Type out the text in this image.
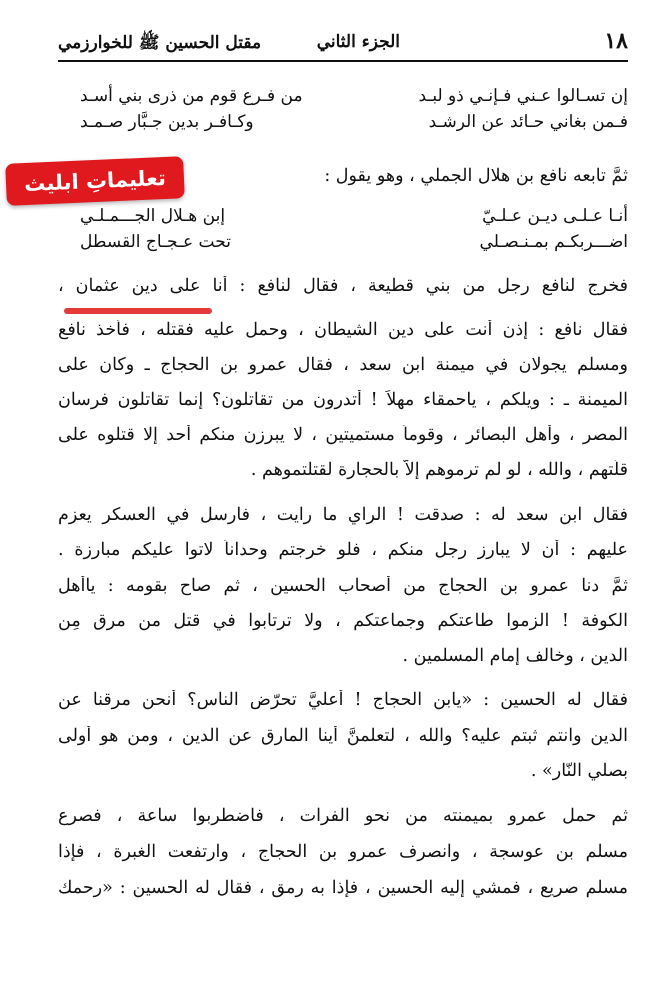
١٨
الجزء الثاني
مقتل الحسين ﷺ للخوارزمي
إن تسـالوا عـني فـإنـي ذو لبـد
من فـرع قوم من ذرى بني أسـد
فـمن بغاني حـائد عن الرشـد
وكـافـر بدين جـبَّار صـمـد
ثمَّ تابعه نافع بن هلال الجملي ، وهو يقول :
تعليماتِ ابليث
أنـا عـلـى ديـن عـلـيّ
إبن هـلال الجـــمـلـي
اضـــربكـم بمـنـصـلي
تحت عـجـاج القسطل
فخرج لنافع رجل من بني قطيعة ، فقال لنافع : أنا على دين عثمان ،
فقال نافع : إذن أنت على دين الشيطان ، وحمل عليه فقتله ، فأخذ نافع
ومسلم يجولان في ميمنة ابن سعد ، فقال عمرو بن الحجاج ـ وكان على
الميمنة ـ : ويلكم ، ياحمقاء مهلاً ! أتدرون من تقاتلون؟ إنما تقاتلون فرسان
المصر ، وأهل البصائر ، وقوماً مستميتين ، لا يبرزن منكم أحد إلا قتلوه على
قلَّتهم ، والله ، لو لم ترموهم إلاَّ بالحجارة لقتلتموهم .
فقال ابن سعد له : صدقت ! الراي ما رايت ، فارسل في العسكر يعزم
عليهم : أن لا يبارز رجل منكم ، فلو خرجتم وحداناً لاتوا عليكم مبارزة .
ثمَّ دنا عمرو بن الحجاج من أصحاب الحسين ، ثم صاح بقومه : ياأهل
الكوفة ! الزموا طاعتكم وجماعتكم ، ولا ترتابوا في قتل من مرق مِن
الدين ، وخالف إمام المسلمين .
فقال له الحسين : «يابن الحجاج ! أعليَّ تحرّض الناس؟ أنحن مرقنا عن
الدين وانتم ثبتم عليه؟ والله ، لتعلمنَّ أينا المارق عنِ الدين ، ومن هو أولى
بصلي النّار» .
ثم حمل عمرو بميمنته من نحو الفرات ، فاضطربوا ساعة ، فصرع
مسلم بن عوسجة ، وانصرف عمرو بن الحجاج ، وارتفعت الغبرة ، فإذا
مسلم صريع ، فمشي إليه الحسين ، فإذا به رمق ، فقال له الحسين : «رحمك
